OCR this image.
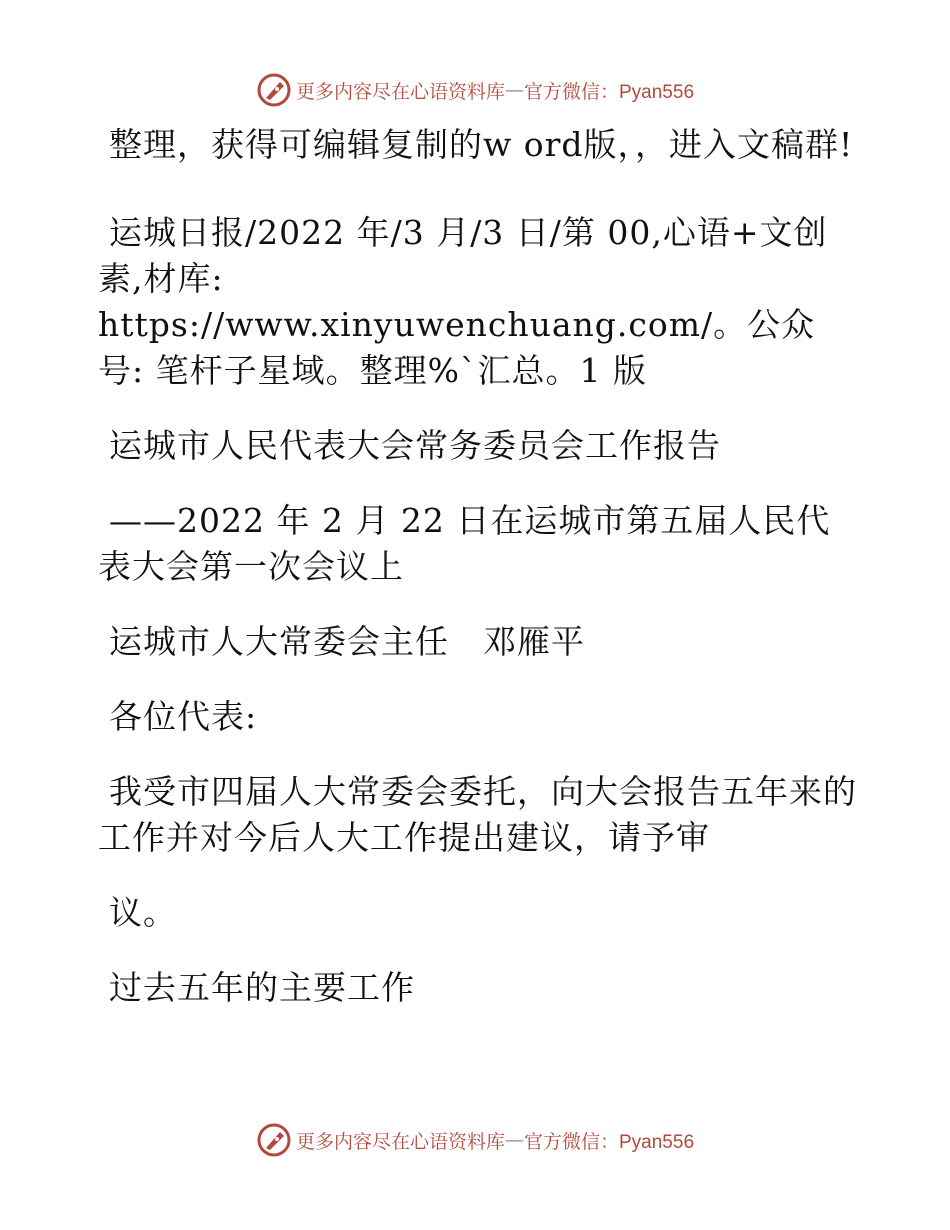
更多内容尽在心语资料库 — 官方微信：Pyan556

整理，获得可编辑复制的w ord版，，进入文稿群!

运城日报/2022 年/3 月/3 日/第 00,心语+文创素,材库: https://www.xinyuwenchuang.com/。公众号: 笔杆子星域。整理%`汇总。1 版

运城市人民代表大会常务委员会工作报告

——2022 年 2 月 22 日在运城市第五届人民代表大会第一次会议上

运城市人大常委会主任　邓雁平

各位代表:

我受市四届人大常委会委托，向大会报告五年来的工作并对今后人大工作提出建议，请予审

议。

过去五年的主要工作

更多内容尽在心语资料库 — 官方微信：Pyan556
